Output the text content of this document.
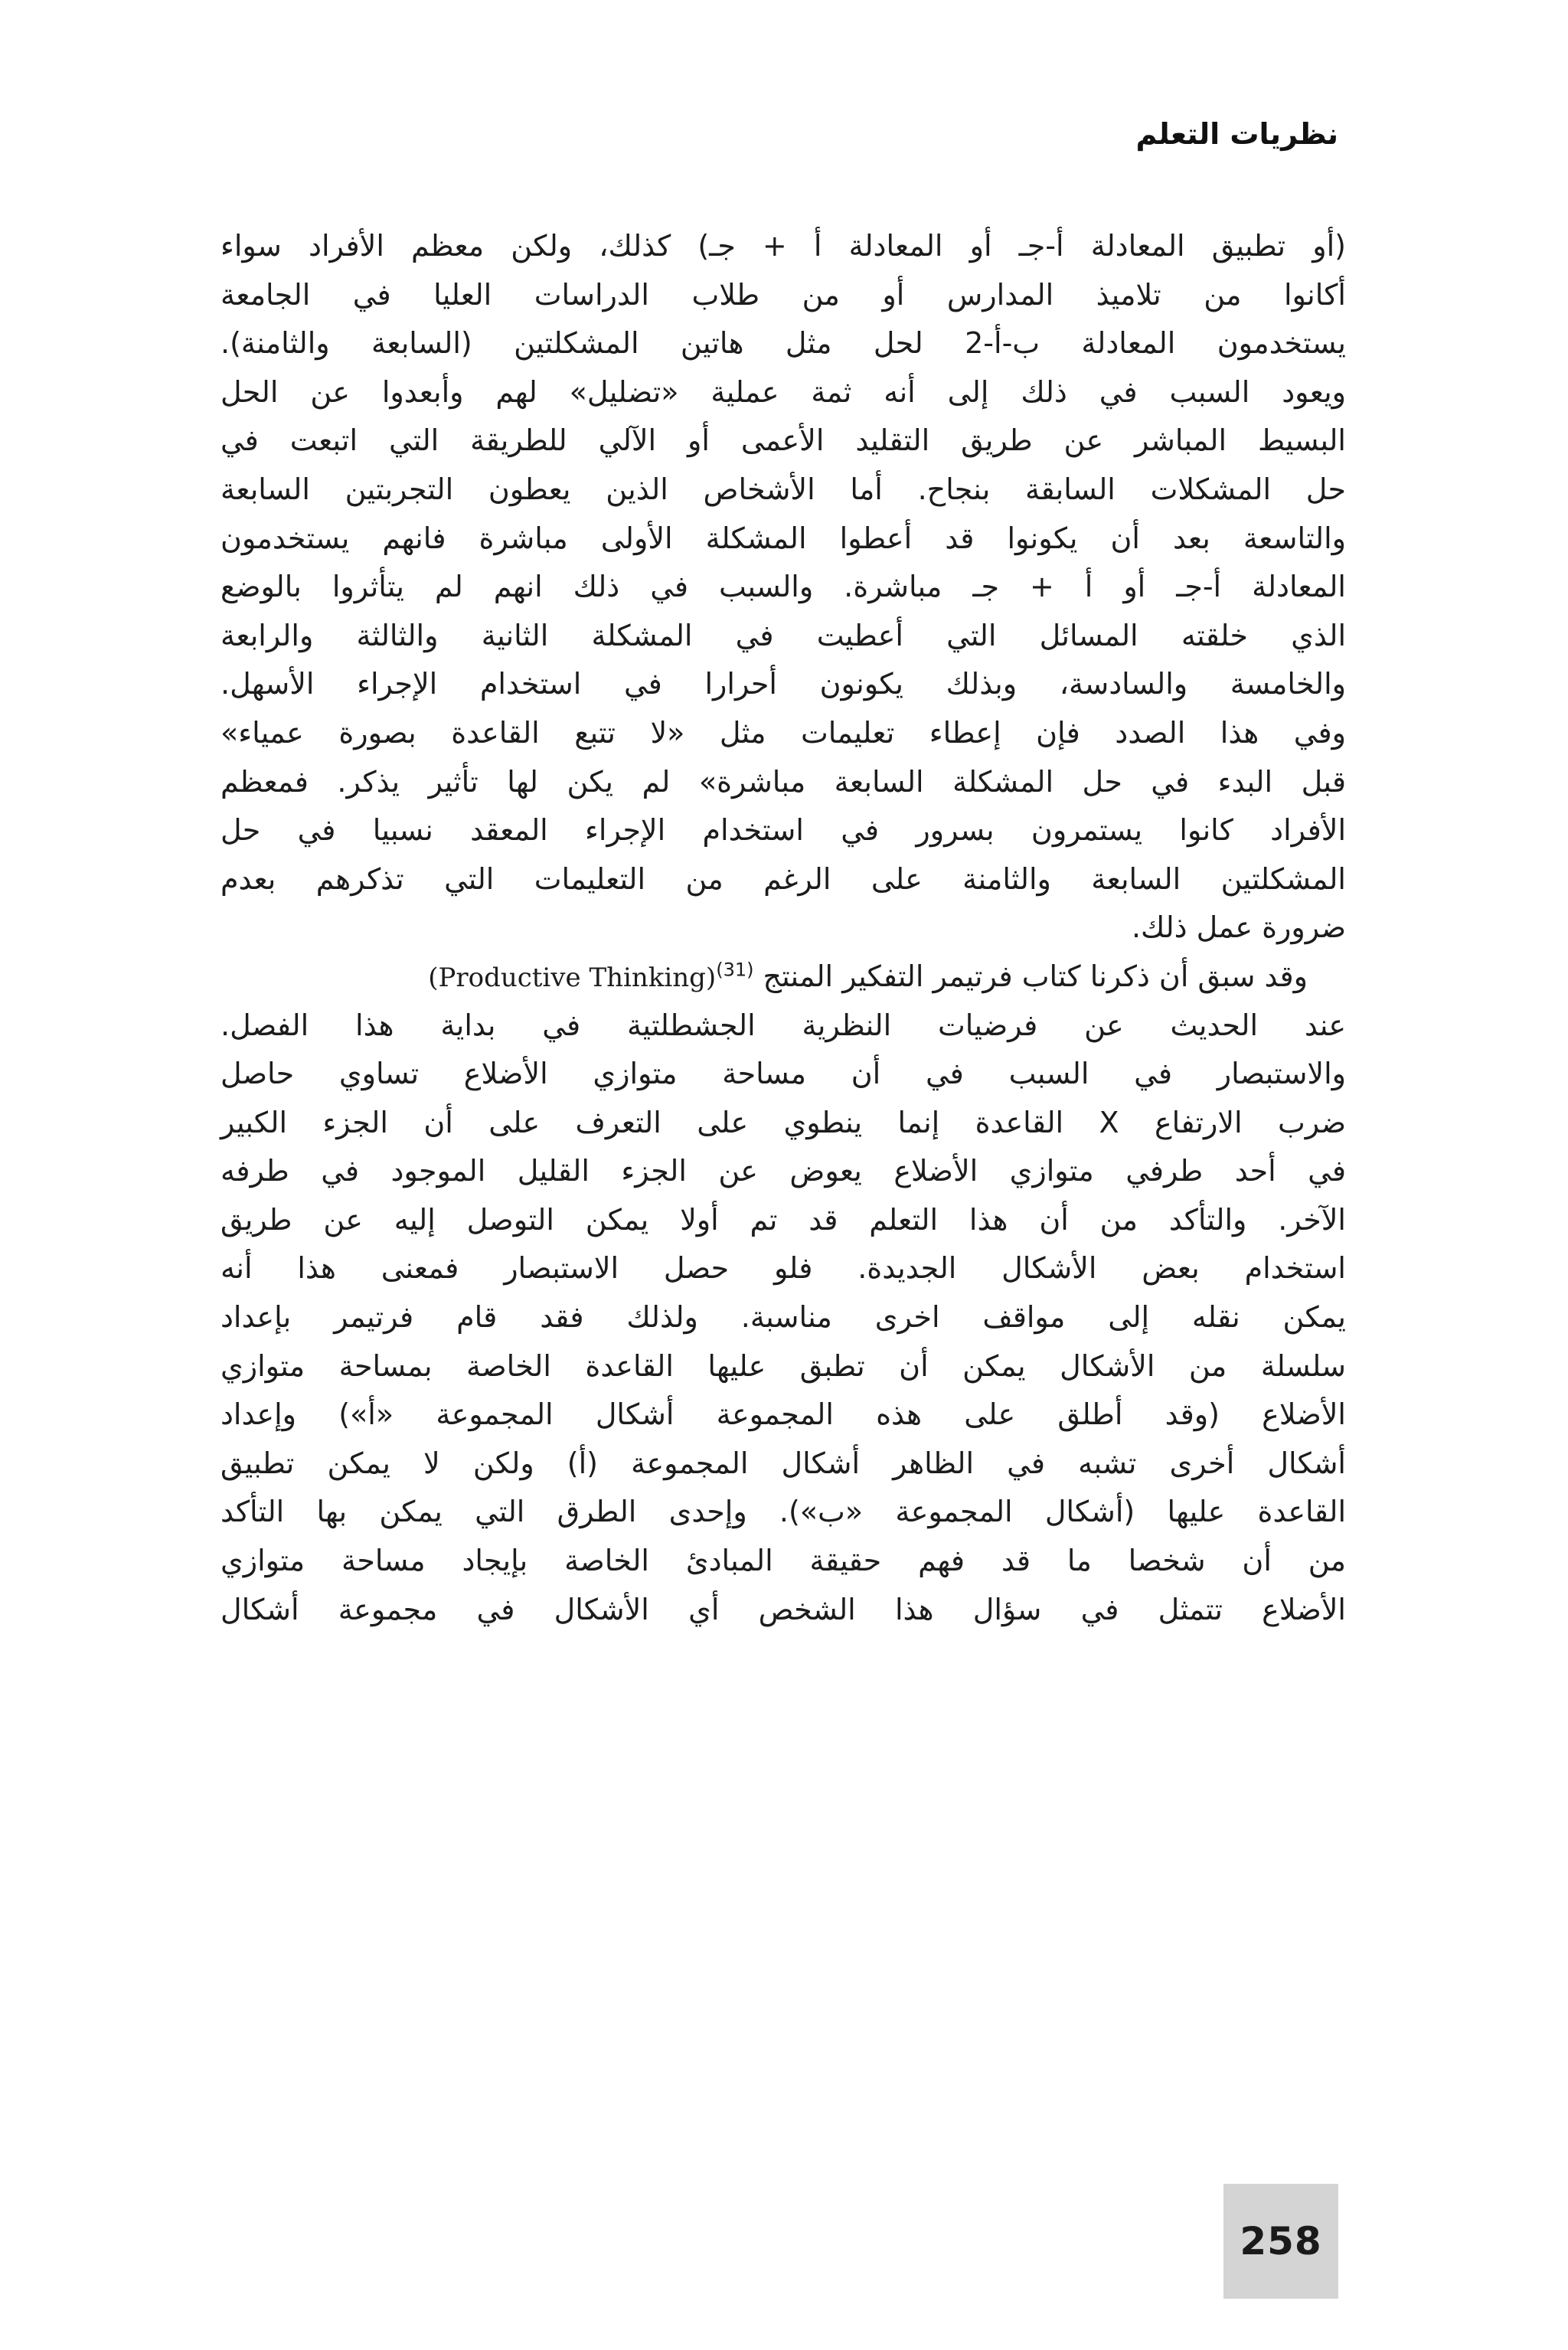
نظريات التعلم
(أو تطبيق المعادلة أ-جـ أو المعادلة أ + جـ) كذلك، ولكن معظم الأفراد سواء
أكانوا من تلاميذ المدارس أو من طلاب الدراسات العليا في الجامعة
يستخدمون المعادلة ب-أ-2 لحل مثل هاتين المشكلتين (السابعة والثامنة).
ويعود السبب في ذلك إلى أنه ثمة عملية «تضليل» لهم وأبعدوا عن الحل
البسيط المباشر عن طريق التقليد الأعمى أو الآلي للطريقة التي اتبعت في
حل المشكلات السابقة بنجاح. أما الأشخاص الذين يعطون التجربتين السابعة
والتاسعة بعد أن يكونوا قد أعطوا المشكلة الأولى مباشرة فانهم يستخدمون
المعادلة أ-جـ أو أ + جـ مباشرة. والسبب في ذلك انهم لم يتأثروا بالوضع
الذي خلقته المسائل التي أعطيت في المشكلة الثانية والثالثة والرابعة
والخامسة والسادسة، وبذلك يكونون أحرارا في استخدام الإجراء الأسهل.
وفي هذا الصدد فإن إعطاء تعليمات مثل «لا تتبع القاعدة بصورة عمياء»
قبل البدء في حل المشكلة السابعة مباشرة» لم يكن لها تأثير يذكر. فمعظم
الأفراد كانوا يستمرون بسرور في استخدام الإجراء المعقد نسبيا في حل
المشكلتين السابعة والثامنة على الرغم من التعليمات التي تذكرهم بعدم
ضرورة عمل ذلك.
وقد سبق أن ذكرنا كتاب فرتيمر التفكير المنتج (Productive Thinking)$^{(31)}$
عند الحديث عن فرضيات النظرية الجشطلتية في بداية هذا الفصل.
والاستبصار في السبب في أن مساحة متوازي الأضلاع تساوي حاصل
ضرب الارتفاع X القاعدة إنما ينطوي على التعرف على أن الجزء الكبير
في أحد طرفي متوازي الأضلاع يعوض عن الجزء القليل الموجود في طرفه
الآخر. والتأكد من أن هذا التعلم قد تم أولا يمكن التوصل إليه عن طريق
استخدام بعض الأشكال الجديدة. فلو حصل الاستبصار فمعنى هذا أنه
يمكن نقله إلى مواقف اخرى مناسبة. ولذلك فقد قام فرتيمر بإعداد
سلسلة من الأشكال يمكن أن تطبق عليها القاعدة الخاصة بمساحة متوازي
الأضلاع (وقد أطلق على هذه المجموعة أشكال المجموعة «أ») وإعداد
أشكال أخرى تشبه في الظاهر أشكال المجموعة (أ) ولكن لا يمكن تطبيق
القاعدة عليها (أشكال المجموعة «ب»). وإحدى الطرق التي يمكن بها التأكد
من أن شخصا ما قد فهم حقيقة المبادئ الخاصة بإيجاد مساحة متوازي
الأضلاع تتمثل في سؤال هذا الشخص أي الأشكال في مجموعة أشكال
258
